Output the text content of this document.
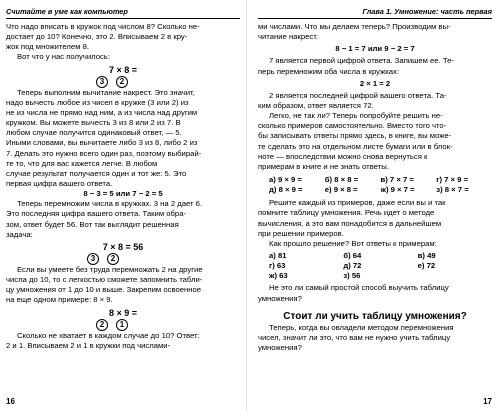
Считайте в уме как компьютер
Что надо вписать в кружок под числом 8? Сколько не-
достает до 10? Конечно, это 2. Вписываем 2 в кру-
жок под множителем 8.
Вот что у нас получилось:
7 × 8 =
3	2
Теперь выполним вычитание накрест. Это значит,
надо вычесть любое из чисел в кружке (3 или 2) из
не из числа не прямо над ним, а из числа над другим
кружком. Вы можете вычесть 3 из 8 или 2 из 7. В
любом случае получится одинаковый ответ, — 5.
Иными словами, вы вычитаете либо 3 из 8, либо 2 из
7. Делать это нужно всего один раз, поэтому выбирай-
те то, что для вас кажется легче. В любом
случае результат получается один и тот же: 5. Это
первая цифра вашего ответа.
8 − 3 = 5 или 7 − 2 = 5
Теперь перемножим числа в кружках. 3 на 2 дает 6.
Это последняя цифра вашего ответа. Таким обра-
зом, ответ будет 56. Вот так выглядит решенная
задача:
7 × 8 = 56
3	2
Если вы умеете без труда перемножать 2 на другие
числа до 10, то с легкостью сможете запомнить табли-
цу умножения от 1 до 10 и выше. Закрепим освоенное
на еще одном примере: 8 × 9.
8 × 9 =
2	1
Сколько не хватает в каждом случае до 10? Ответ:
2 и 1. Вписываем 2 и 1 в кружки под числами-
16
Глава 1. Умножение: часть первая
ми числами. Что мы делаем теперь? Производим вы-
читание накрест.
8 − 1 = 7 или 9 − 2 = 7
7 является первой цифрой ответа. Запишем ее. Те-
перь перемножим оба числа в кружках:
2 × 1 = 2
2 является последней цифрой вашего ответа. Та-
ким образом, ответ является 72.
Легко, не так ли? Теперь попробуйте решить не-
сколько примеров самостоятельно. Вместо того что-
бы записывать ответы прямо здесь, в книге, вы може-
те сделать это на отдельном листе бумаги или в блок-
ноте — впоследствии можно снова вернуться к
примерам в книге и не знать ответы.
а) 9 × 9 =	б) 8 × 8 =	в) 7 × 7 =	г) 7 × 9 =
д) 8 × 9 =	е) 9 × 8 =	ж) 9 × 7 =	з) 8 × 7 =
Решите каждый из примеров, даже если вы и так
помните таблицу умножения. Речь идет о методе
вычисления, а это вам понадобится в дальнейшем
при решении примеров.
Как прошло решение? Вот ответы к примерам:
а) 81	б) 64	в) 49
г) 63	д) 72	е) 72
ж) 63	з) 56
Не это ли самый простой способ выучить таблицу
умножения?
Стоит ли учить таблицу умножения?
Теперь, когда вы овладели методом перемножения
чисел, значит ли это, что вам не нужно учить таблицу
умножения?
17
